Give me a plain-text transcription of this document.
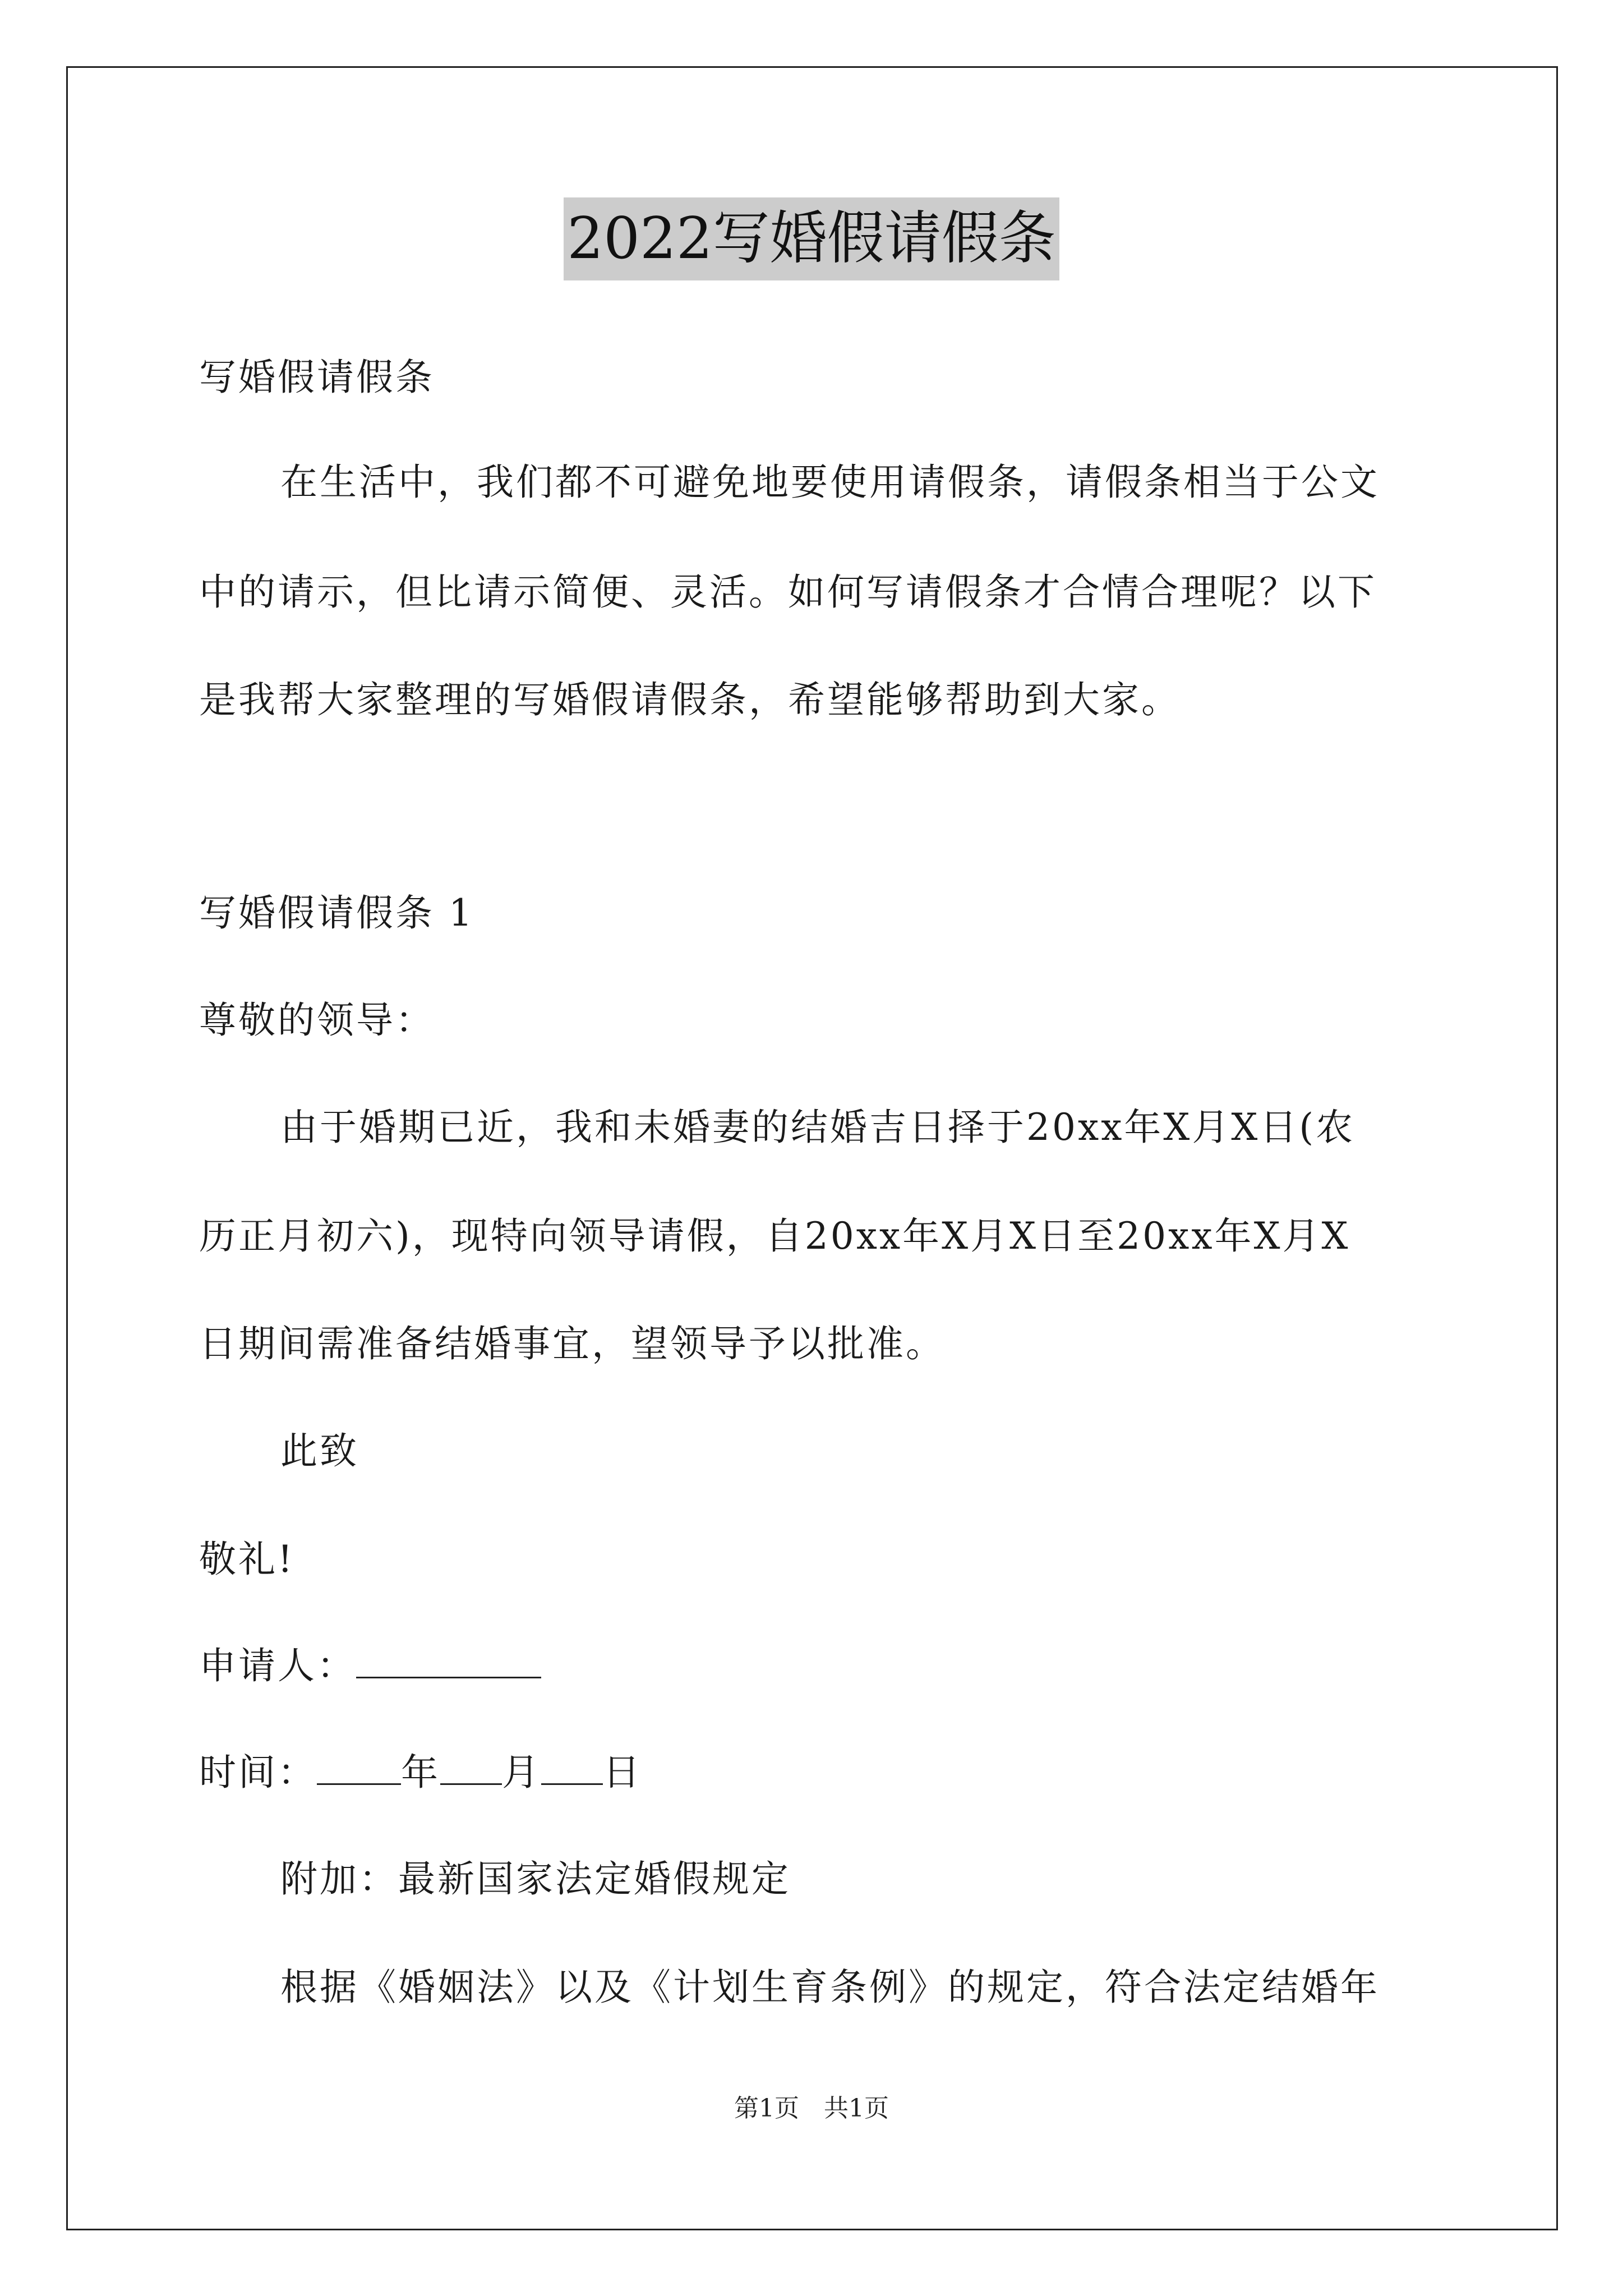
2022写婚假请假条
写婚假请假条
在生活中，我们都不可避免地要使用请假条，请假条相当于公文
中的请示，但比请示简便、灵活。如何写请假条才合情合理呢？以下
是我帮大家整理的写婚假请假条，希望能够帮助到大家。
写婚假请假条 1
尊敬的领导：
由于婚期已近，我和未婚妻的结婚吉日择于20xx年X月X日(农
历正月初六)，现特向领导请假，自20xx年X月X日至20xx年X月X
日期间需准备结婚事宜，望领导予以批准。
此致
敬礼!
申请人：
时间： 年 月 日
附加：最新国家法定婚假规定
根据《婚姻法》以及《计划生育条例》的规定，符合法定结婚年
第1页　共1页
